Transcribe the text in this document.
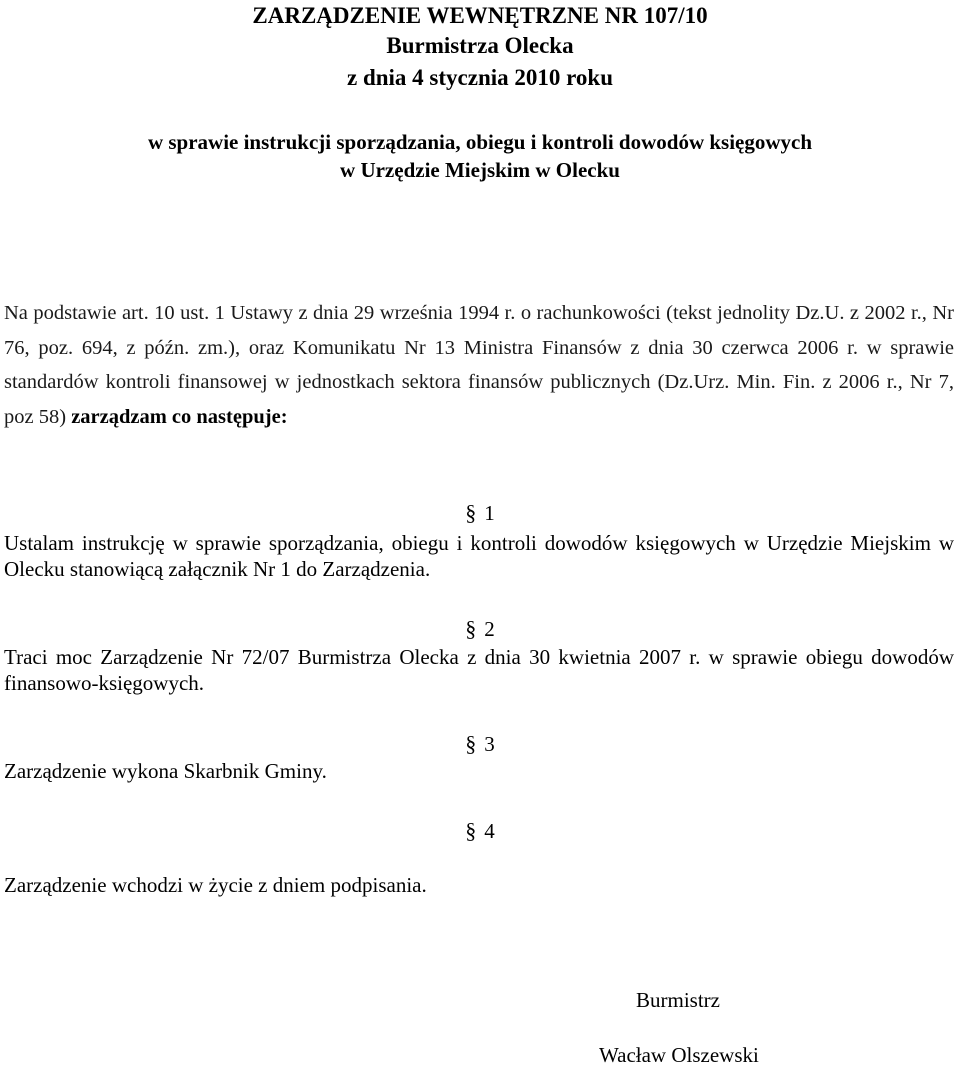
ZARZĄDZENIE WEWNĘTRZNE NR 107/10
Burmistrza Olecka
z dnia 4 stycznia 2010 roku
w sprawie instrukcji sporządzania, obiegu i kontroli dowodów księgowych
w Urzędzie Miejskim w Olecku
Na podstawie art. 10 ust. 1 Ustawy z dnia 29 września 1994 r. o rachunkowości (tekst jednolity Dz.U. z 2002 r., Nr 76, poz. 694, z późn. zm.), oraz Komunikatu Nr 13 Ministra Finansów z dnia 30 czerwca 2006 r. w sprawie standardów kontroli finansowej w jednostkach sektora finansów publicznych (Dz.Urz. Min. Fin. z 2006 r., Nr 7, poz 58) zarządzam co następuje:
§ 1
Ustalam instrukcję w sprawie sporządzania, obiegu i kontroli dowodów księgowych w Urzędzie Miejskim w Olecku stanowiącą załącznik Nr 1 do Zarządzenia.
§ 2
Traci moc Zarządzenie Nr 72/07 Burmistrza Olecka z dnia 30 kwietnia 2007 r. w sprawie obiegu dowodów finansowo-księgowych.
§ 3
Zarządzenie wykona Skarbnik Gminy.
§ 4
Zarządzenie wchodzi w życie z dniem podpisania.
Burmistrz
Wacław Olszewski
